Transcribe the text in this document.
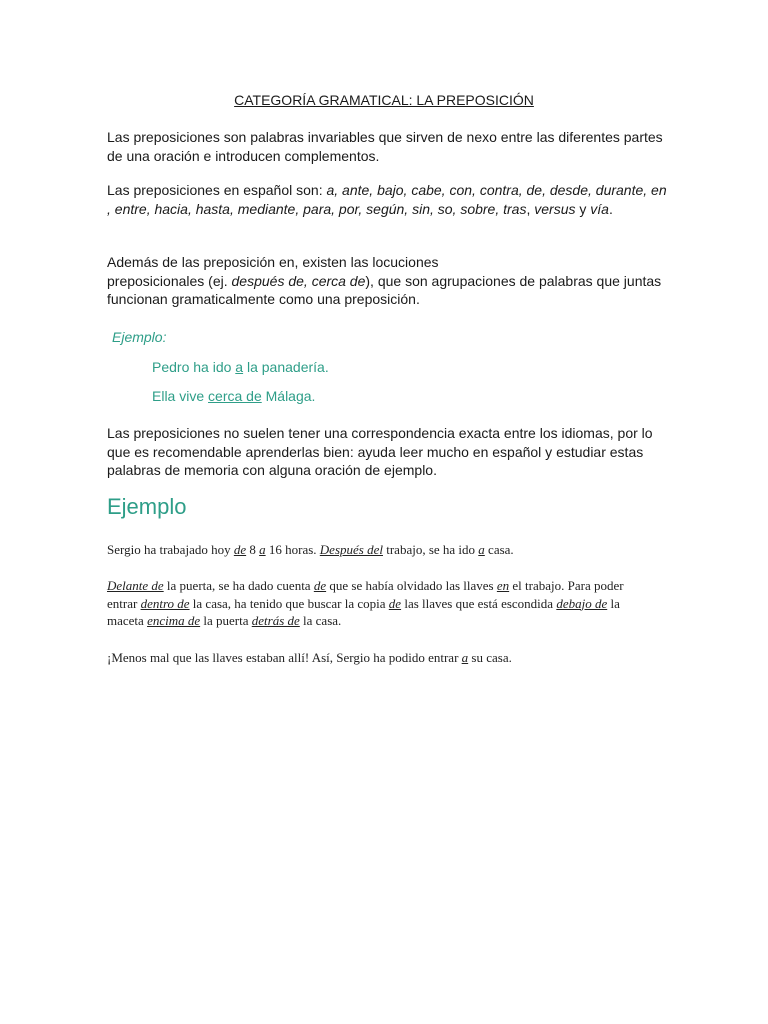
CATEGORÍA GRAMATICAL: LA PREPOSICIÓN
Las preposiciones son palabras invariables que sirven de nexo entre las diferentes partes de una oración e introducen complementos.
Las preposiciones en español son: a, ante, bajo, cabe, con, contra, de, desde, durante, en , entre, hacia, hasta, mediante, para, por, según, sin, so, sobre, tras, versus y vía.
Además de las preposición en, existen las locuciones
preposicionales (ej. después de, cerca de), que son agrupaciones de palabras que juntas funcionan gramaticalmente como una preposición.
Ejemplo:
Pedro ha ido a la panadería.
Ella vive cerca de Málaga.
Las preposiciones no suelen tener una correspondencia exacta entre los idiomas, por lo que es recomendable aprenderlas bien: ayuda leer mucho en español y estudiar estas palabras de memoria con alguna oración de ejemplo.
Ejemplo
Sergio ha trabajado hoy de 8 a 16 horas. Después del trabajo, se ha ido a casa.
Delante de la puerta, se ha dado cuenta de que se había olvidado las llaves en el trabajo. Para poder entrar dentro de la casa, ha tenido que buscar la copia de las llaves que está escondida debajo de la maceta encima de la puerta detrás de la casa.
¡Menos mal que las llaves estaban allí! Así, Sergio ha podido entrar a su casa.
